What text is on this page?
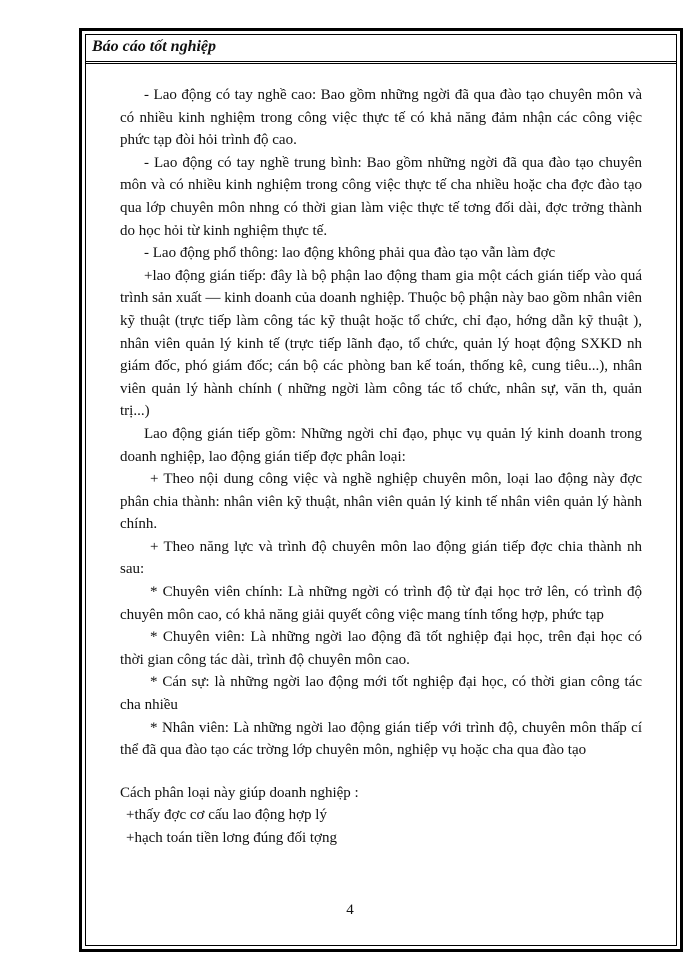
Báo cáo tốt nghiệp

- Lao động có tay nghề cao: Bao gồm những ngời đã qua đào tạo chuyên môn và có nhiều kinh nghiệm trong công việc thực tế có khả năng đảm nhận các công việc phức tạp đòi hỏi trình độ cao.

- Lao động có tay nghề trung bình: Bao gồm những ngời đã qua đào tạo chuyên môn và có nhiều kinh nghiệm trong công việc thực tế cha nhiều hoặc cha đợc đào tạo qua lớp chuyên môn nhng có thời gian làm việc thực tế tơng đối dài, đợc trởng thành do học hỏi từ kinh nghiệm thực tế.

- Lao động phổ thông: lao động không phải qua đào tạo vẫn làm đợc

+lao động gián tiếp: đây là bộ phận lao động tham gia một cách gián tiếp vào quá trình sản xuất — kinh doanh của doanh nghiệp. Thuộc bộ phận này bao gồm nhân viên kỹ thuật (trực tiếp làm công tác kỹ thuật hoặc tổ chức, chỉ đạo, hớng dẫn kỹ thuật ), nhân viên quản lý kinh tế (trực tiếp lãnh đạo, tổ chức, quản lý hoạt động SXKD nh giám đốc, phó giám đốc; cán bộ các phòng ban kế toán, thống kê, cung tiêu...), nhân viên quản lý hành chính ( những ngời làm công tác tổ chức, nhân sự, văn th, quản trị...)

Lao động gián tiếp gồm: Những ngời chỉ đạo, phục vụ quản lý kinh doanh trong doanh nghiệp, lao động gián tiếp đợc phân loại:

+ Theo nội dung công việc và nghề nghiệp chuyên môn, loại lao động này đợc phân chia thành: nhân viên kỹ thuật, nhân viên quản lý kinh tế nhân viên quản lý hành chính.

+ Theo năng lực và trình độ chuyên môn lao động gián tiếp đợc chia thành nh sau:

* Chuyên viên chính: Là những ngời có trình độ từ đại học trở lên, có trình độ chuyên môn cao, có khả năng giải quyết công việc mang tính tổng hợp, phức tạp

* Chuyên viên: Là những ngời lao động đã tốt nghiệp đại học, trên đại học có thời gian công tác dài, trình độ chuyên môn cao.

* Cán sự: là những ngời lao động mới tốt nghiệp đại học, có thời gian công tác cha nhiều

* Nhân viên: Là những ngời lao động gián tiếp với trình độ, chuyên môn thấp cí thể đã qua đào tạo các trờng lớp chuyên môn, nghiệp vụ hoặc cha qua đào tạo

Cách phân loại này giúp doanh nghiệp :

+thấy đợc cơ cấu lao động hợp lý

+hạch toán tiền lơng đúng đối tợng

4
